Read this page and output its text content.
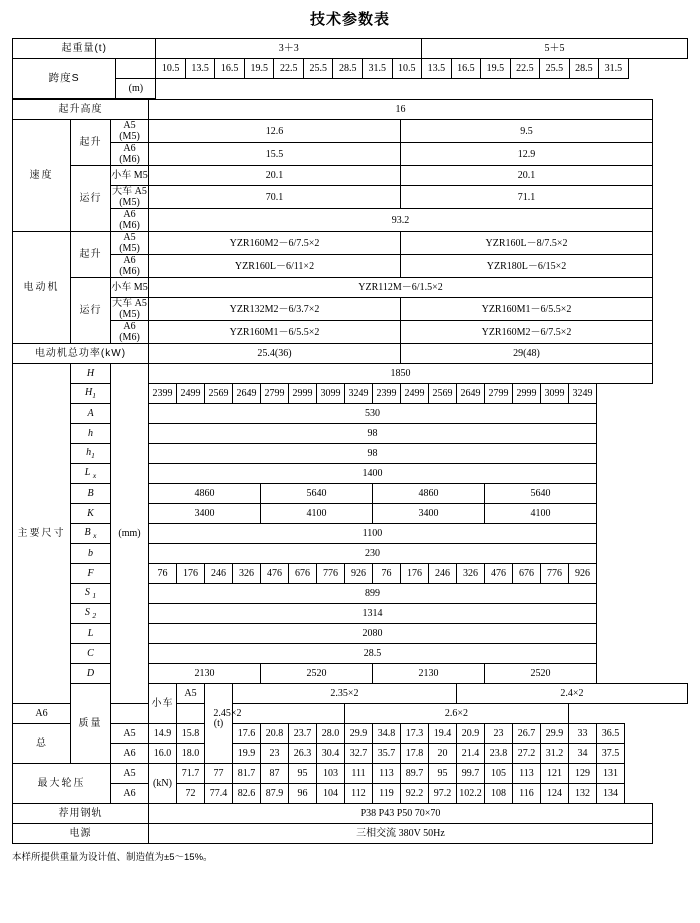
技术参数表
起重量(t)		3＋3									5＋5						
跨度S		10.5	13.5	16.5	19.5	22.5	25.5	28.5	31.5	10.5	13.5	16.5	19.5	22.5	25.5	28.5	31.5
	(m)																
起升高度			16																
速度	起升	A5
(M5)	12.6									9.5							
		A6
(M6)	15.5									12.9							

	运行	小车 M5	20.1									20.1							
		大车 A5
(M5)	70.1									71.1							
		A6
(M6)	93.2																
电动机	起升	A5
(M5)	YZR160M2－6/7.5×2									YZR160L－8/7.5×2							
		A6
(M6)	YZR160L－6/11×2									YZR180L－6/15×2							
	运行	小车 M5	YZR112M－6/1.5×2																
		大车 A5
(M5)	YZR132M2－6/3.7×2									YZR160M1－6/5.5×2							
		A6
(M6)	YZR160M1－6/5.5×2									YZR160M2－6/7.5×2							
电动机总功率(kW)			25.4(36)									29(48)							
主要尺寸	H	(mm)	1850																
	$H_1$		2399	2499	2569	2649	2799	2999	3099	3249	2399	2499	2569	2649	2799	2999	3099	3249	
	A		530																
	h		98																
	$h_1$		98																
	L $_x$		1400																
	B		4860				5640				4860				5640				
	K		3400				4100				3400				4100				
	B $_x$		1100																
	b		230																
	F		76	176	246	326	476	676	776	926	76	176	246	326	476	676	776	926	
	S $_1$		899																
	S $_2$		1314																
	L		2080																
	C		28.5																
	D		2130				2520				2130				2520				
	质量		小车	A5	(t)	2.35×2								2.4×2					
A6		2.45×2								2.6×2									
总		A5	14.9	15.8		17.6	20.8	23.7	28.0	29.9	34.8	17.3	19.4	20.9	23	26.7	29.9	33	36.5
		A6	16.0	18.0		19.9	23	26.3	30.4	32.7	35.7	17.8	20	21.4	23.8	27.2	31.2	34	37.5
最大轮压		A5	(kN)	71.7	77	81.7	87	95	103	111	113	89.7	95	99.7	105	113	121	129	131
		A6		72	77.4	82.6	87.9	96	104	112	119	92.2	97.2	102.2	108	116	124	132	134
荐用钢轨			P38 P43 P50 70×70																
电源			三相交流 380V 50Hz																
本样所提供重量为设计值、制造值为±5～15%。
